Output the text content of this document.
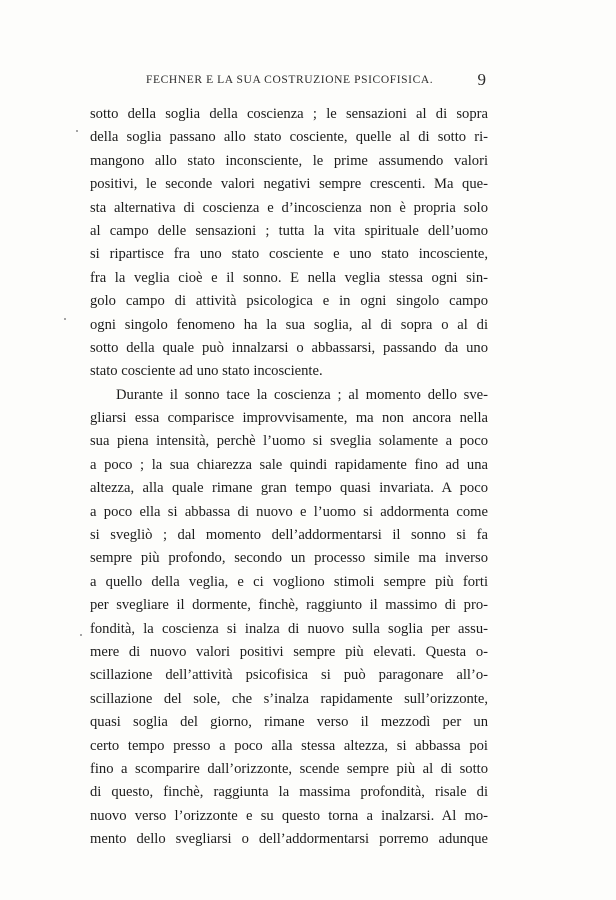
FECHNER E LA SUA COSTRUZIONE PSICOFISICA.	9
sotto della soglia della coscienza ; le sensazioni al di sopra
della soglia passano allo stato cosciente, quelle al di sotto ri-
mangono allo stato inconsciente, le prime assumendo valori
positivi, le seconde valori negativi sempre crescenti. Ma que-
sta alternativa di coscienza e d’incoscienza non è propria solo
al campo delle sensazioni ; tutta la vita spirituale dell’uomo
si ripartisce fra uno stato cosciente e uno stato incosciente,
fra la veglia cioè e il sonno. E nella veglia stessa ogni sin-
golo campo di attività psicologica e in ogni singolo campo
ogni singolo fenomeno ha la sua soglia, al di sopra o al di
sotto della quale può innalzarsi o abbassarsi, passando da uno
stato cosciente ad uno stato incosciente.
Durante il sonno tace la coscienza ; al momento dello sve-
gliarsi essa comparisce improvvisamente, ma non ancora nella
sua piena intensità, perchè l’uomo si sveglia solamente a poco
a poco ; la sua chiarezza sale quindi rapidamente fino ad una
altezza, alla quale rimane gran tempo quasi invariata. A poco
a poco ella si abbassa di nuovo e l’uomo si addormenta come
si svegliò ; dal momento dell’addormentarsi il sonno si fa
sempre più profondo, secondo un processo simile ma inverso
a quello della veglia, e ci vogliono stimoli sempre più forti
per svegliare il dormente, finchè, raggiunto il massimo di pro-
fondità, la coscienza si inalza di nuovo sulla soglia per assu-
mere di nuovo valori positivi sempre più elevati. Questa o-
scillazione dell’attività psicofisica si può paragonare all’o-
scillazione del sole, che s’inalza rapidamente sull’orizzonte,
quasi soglia del giorno, rimane verso il mezzodì per un
certo tempo presso a poco alla stessa altezza, si abbassa poi
fino a scomparire dall’orizzonte, scende sempre più al di sotto
di questo, finchè, raggiunta la massima profondità, risale di
nuovo verso l’orizzonte e su questo torna a inalzarsi. Al mo-
mento dello svegliarsi o dell’addormentarsi porremo adunque
